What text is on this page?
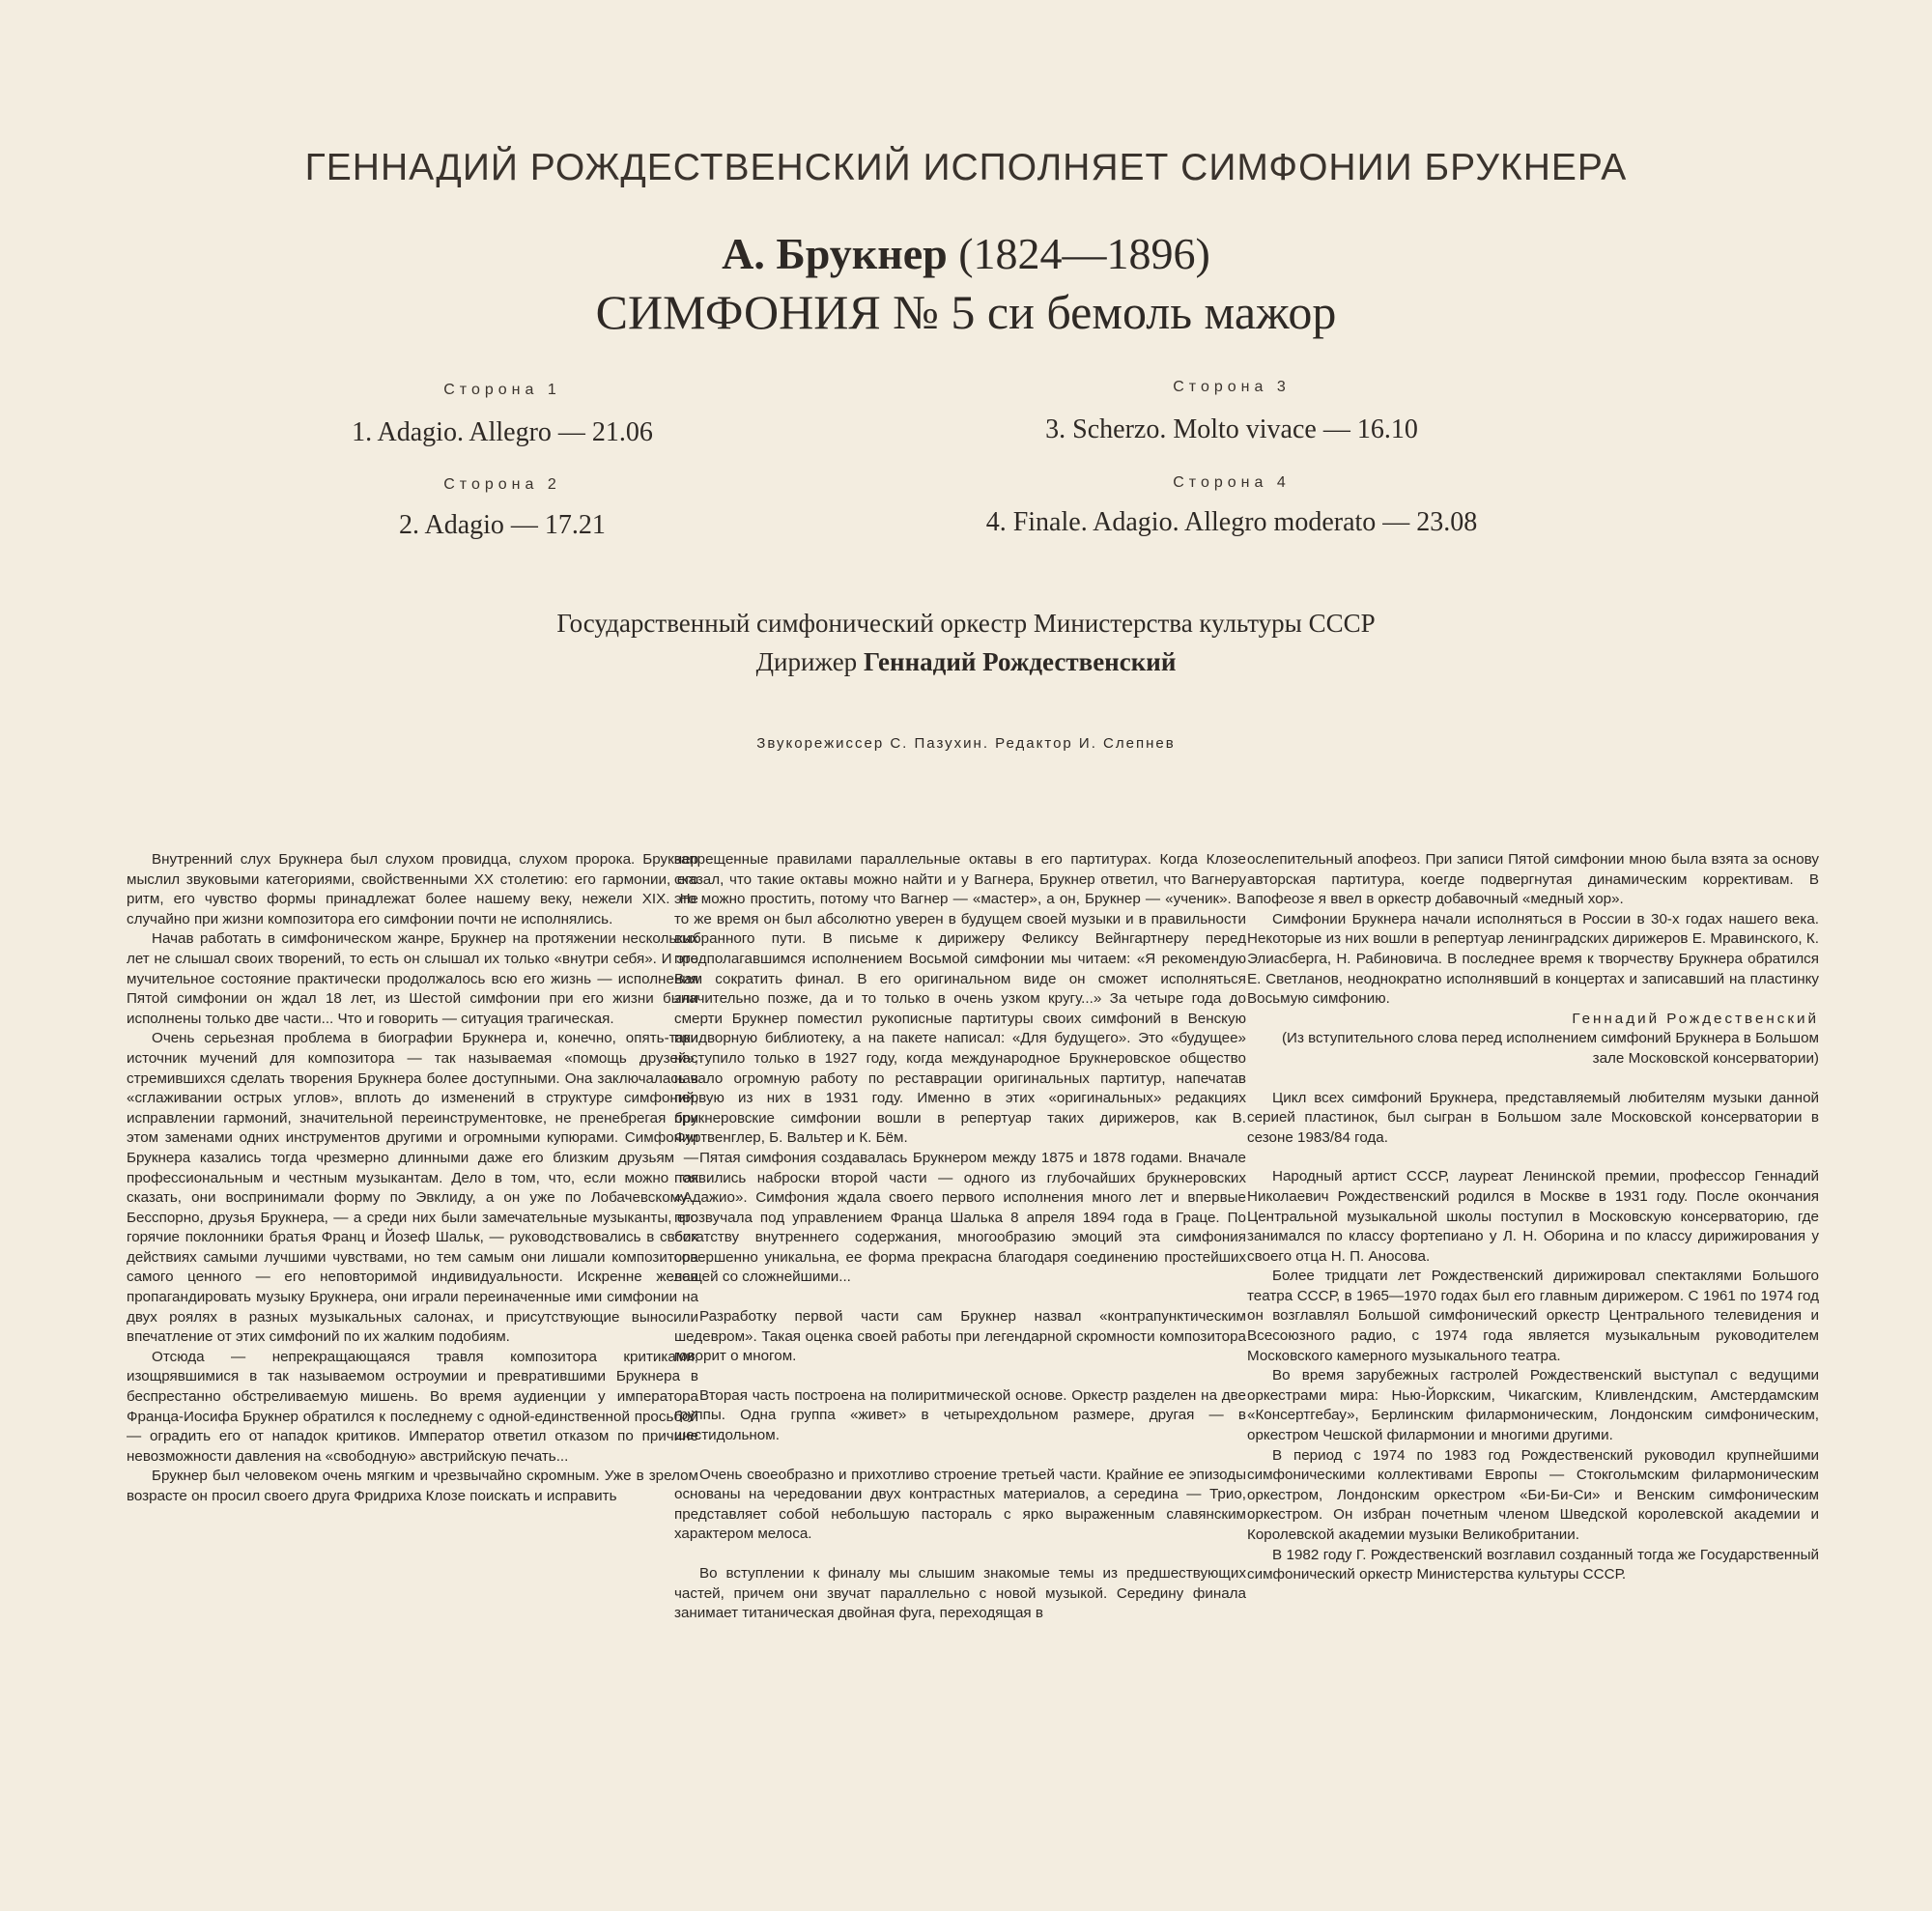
ГЕННАДИЙ РОЖДЕСТВЕНСКИЙ ИСПОЛНЯЕТ СИМФОНИИ БРУКНЕРА
А. Брукнер (1824—1896)
СИМФОНИЯ № 5 си бемоль мажор
Сторона 1
1. Adagio. Allegro — 21.06
Сторона 2
2. Adagio — 17.21
Сторона 3
3. Scherzo. Molto vivace — 16.10
Сторона 4
4. Finale. Adagio. Allegro moderato — 23.08
Государственный симфонический оркестр Министерства культуры СССР
Дирижер Геннадий Рождественский
Звукорежиссер С. Пазухин. Редактор И. Слепнев

Внутренний слух Брукнера был слухом провидца, слухом пророка. Брукнер мыслил звуковыми категориями, свойственными XX столетию: его гармонии, его ритм, его чувство формы принадлежат более нашему веку, нежели XIX. Не случайно при жизни композитора его симфонии почти не исполнялись.

Начав работать в симфоническом жанре, Брукнер на протяжении нескольких лет не слышал своих творений, то есть он слышал их только «внутри себя». И это мучительное состояние практически продолжалось всю его жизнь — исполнения Пятой симфонии он ждал 18 лет, из Шестой симфонии при его жизни были исполнены только две части... Что и говорить — ситуация трагическая.

Очень серьезная проблема в биографии Брукнера и, конечно, опять-таки источник мучений для композитора — так называемая «помощь друзей», стремившихся сделать творения Брукнера более доступными. Она заключалась в «сглаживании острых углов», вплоть до изменений в структуре симфоний, исправлении гармоний, значительной переинструментовке, не пренебрегая при этом заменами одних инструментов другими и огромными купюрами. Симфонии Брукнера казались тогда чрезмерно длинными даже его близким друзьям — профессиональным и честным музыкантам. Дело в том, что, если можно так сказать, они воспринимали форму по Эвклиду, а он уже по Лобачевскому... Бесспорно, друзья Брукнера, — а среди них были замечательные музыканты, его горячие поклонники братья Франц и Йозеф Шальк, — руководствовались в своих действиях самыми лучшими чувствами, но тем самым они лишали композитора самого ценного — его неповторимой индивидуальности. Искренне желая пропагандировать музыку Брукнера, они играли переиначенные ими симфонии на двух роялях в разных музыкальных салонах, и присутствующие выносили впечатление от этих симфоний по их жалким подобиям.

Отсюда — непрекращающаяся травля композитора критиками, изощрявшимися в так называемом остроумии и превратившими Брукнера в беспрестанно обстреливаемую мишень. Во время аудиенции у императора Франца-Иосифа Брукнер обратился к последнему с одной-единственной просьбой — оградить его от нападок критиков. Император ответил отказом по причине невозможности давления на «свободную» австрийскую печать...

Брукнер был человеком очень мягким и чрезвычайно скромным. Уже в зрелом возрасте он просил своего друга Фридриха Клозе поискать и исправить

запрещенные правилами параллельные октавы в его партитурах. Когда Клозе сказал, что такие октавы можно найти и у Вагнера, Брукнер ответил, что Вагнеру это можно простить, потому что Вагнер — «мастер», а он, Брукнер — «ученик». В то же время он был абсолютно уверен в будущем своей музыки и в правильности выбранного пути. В письме к дирижеру Феликсу Вейнгартнеру перед предполагавшимся исполнением Восьмой симфонии мы читаем: «Я рекомендую Вам сократить финал. В его оригинальном виде он сможет исполняться значительно позже, да и то только в очень узком кругу...» За четыре года до смерти Брукнер поместил рукописные партитуры своих симфоний в Венскую придворную библиотеку, а на пакете написал: «Для будущего». Это «будущее» наступило только в 1927 году, когда международное Брукнеровское общество начало огромную работу по реставрации оригинальных партитур, напечатав первую из них в 1931 году. Именно в этих «оригинальных» редакциях брукнеровские симфонии вошли в репертуар таких дирижеров, как В. Фуртвенглер, Б. Вальтер и К. Бём.

Пятая симфония создавалась Брукнером между 1875 и 1878 годами. Вначале появились наброски второй части — одного из глубочайших брукнеровских «Адажио». Симфония ждала своего первого исполнения много лет и впервые прозвучала под управлением Франца Шалька 8 апреля 1894 года в Граце. По богатству внутреннего содержания, многообразию эмоций эта симфония совершенно уникальна, ее форма прекрасна благодаря соединению простейших вещей со сложнейшими...

Разработку первой части сам Брукнер назвал «контрапунктическим шедевром». Такая оценка своей работы при легендарной скромности композитора говорит о многом.

Вторая часть построена на полиритмической основе. Оркестр разделен на две группы. Одна группа «живет» в четырехдольном размере, другая — в шестидольном.

Очень своеобразно и прихотливо строение третьей части. Крайние ее эпизоды основаны на чередовании двух контрастных материалов, а середина — Трио, представляет собой небольшую пастораль с ярко выраженным славянским характером мелоса.

Во вступлении к финалу мы слышим знакомые темы из предшествующих частей, причем они звучат параллельно с новой музыкой. Середину финала занимает титаническая двойная фуга, переходящая в

ослепительный апофеоз. При записи Пятой симфонии мною была взята за основу авторская партитура, коегде подвергнутая динамическим коррективам. В апофеозе я ввел в оркестр добавочный «медный хор».

Симфонии Брукнера начали исполняться в России в 30-х годах нашего века. Некоторые из них вошли в репертуар ленинградских дирижеров Е. Мравинского, К. Элиасберга, Н. Рабиновича. В последнее время к творчеству Брукнера обратился Е. Светланов, неоднократно исполнявший в концертах и записавший на пластинку Восьмую симфонию.

Геннадий Рождественский

(Из вступительного слова перед исполнением симфоний Брукнера в Большом зале Московской консерватории)

Цикл всех симфоний Брукнера, представляемый любителям музыки данной серией пластинок, был сыгран в Большом зале Московской консерватории в сезоне 1983/84 года.

Народный артист СССР, лауреат Ленинской премии, профессор Геннадий Николаевич Рождественский родился в Москве в 1931 году. После окончания Центральной музыкальной школы поступил в Московскую консерваторию, где занимался по классу фортепиано у Л. Н. Оборина и по классу дирижирования у своего отца Н. П. Аносова.

Более тридцати лет Рождественский дирижировал спектаклями Большого театра СССР, в 1965—1970 годах был его главным дирижером. С 1961 по 1974 год он возглавлял Большой симфонический оркестр Центрального телевидения и Всесоюзного радио, с 1974 года является музыкальным руководителем Московского камерного музыкального театра.

Во время зарубежных гастролей Рождественский выступал с ведущими оркестрами мира: Нью-Йоркским, Чикагским, Кливлендским, Амстердамским «Консертгебау», Берлинским филармоническим, Лондонским симфоническим, оркестром Чешской филармонии и многими другими.

В период с 1974 по 1983 год Рождественский руководил крупнейшими симфоническими коллективами Европы — Стокгольмским филармоническим оркестром, Лондонским оркестром «Би-Би-Си» и Венским симфоническим оркестром. Он избран почетным членом Шведской королевской академии и Королевской академии музыки Великобритании.

В 1982 году Г. Рождественский возглавил созданный тогда же Государственный симфонический оркестр Министерства культуры СССР.
